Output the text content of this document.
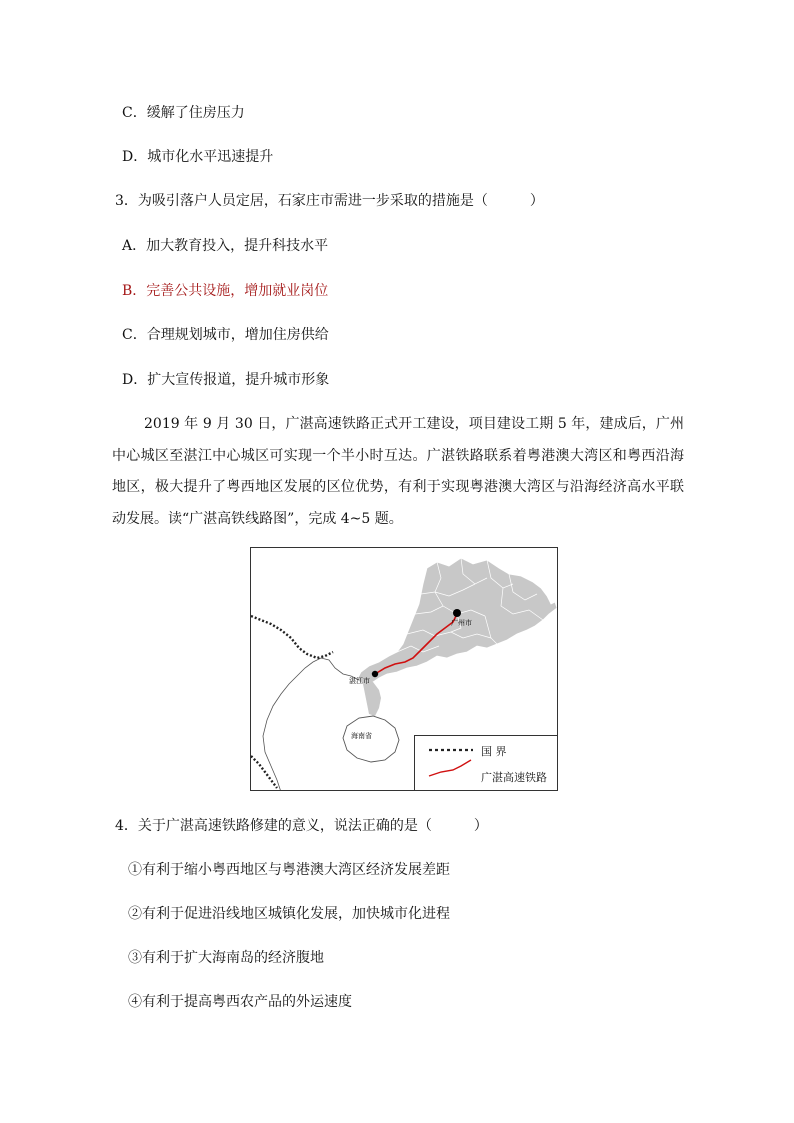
C．缓解了住房压力
D．城市化水平迅速提升
3．为吸引落户人员定居，石家庄市需进一步采取的措施是（　　　）
A．加大教育投入，提升科技水平
B．完善公共设施，增加就业岗位
C．合理规划城市，增加住房供给
D．扩大宣传报道，提升城市形象
2019 年 9 月 30 日，广湛高速铁路正式开工建设，项目建设工期 5 年，建成后，广州中心城区至湛江中心城区可实现一个半小时互达。广湛铁路联系着粤港澳大湾区和粤西沿海地区，极大提升了粤西地区发展的区位优势，有利于实现粤港澳大湾区与沿海经济高水平联动发展。读“广湛高铁线路图”，完成 4~5 题。
广州市
湛江市
海南省
国 界
广湛高速铁路
4．关于广湛高速铁路修建的意义，说法正确的是（　　　）
①有利于缩小粤西地区与粤港澳大湾区经济发展差距
②有利于促进沿线地区城镇化发展，加快城市化进程
③有利于扩大海南岛的经济腹地
④有利于提高粤西农产品的外运速度
